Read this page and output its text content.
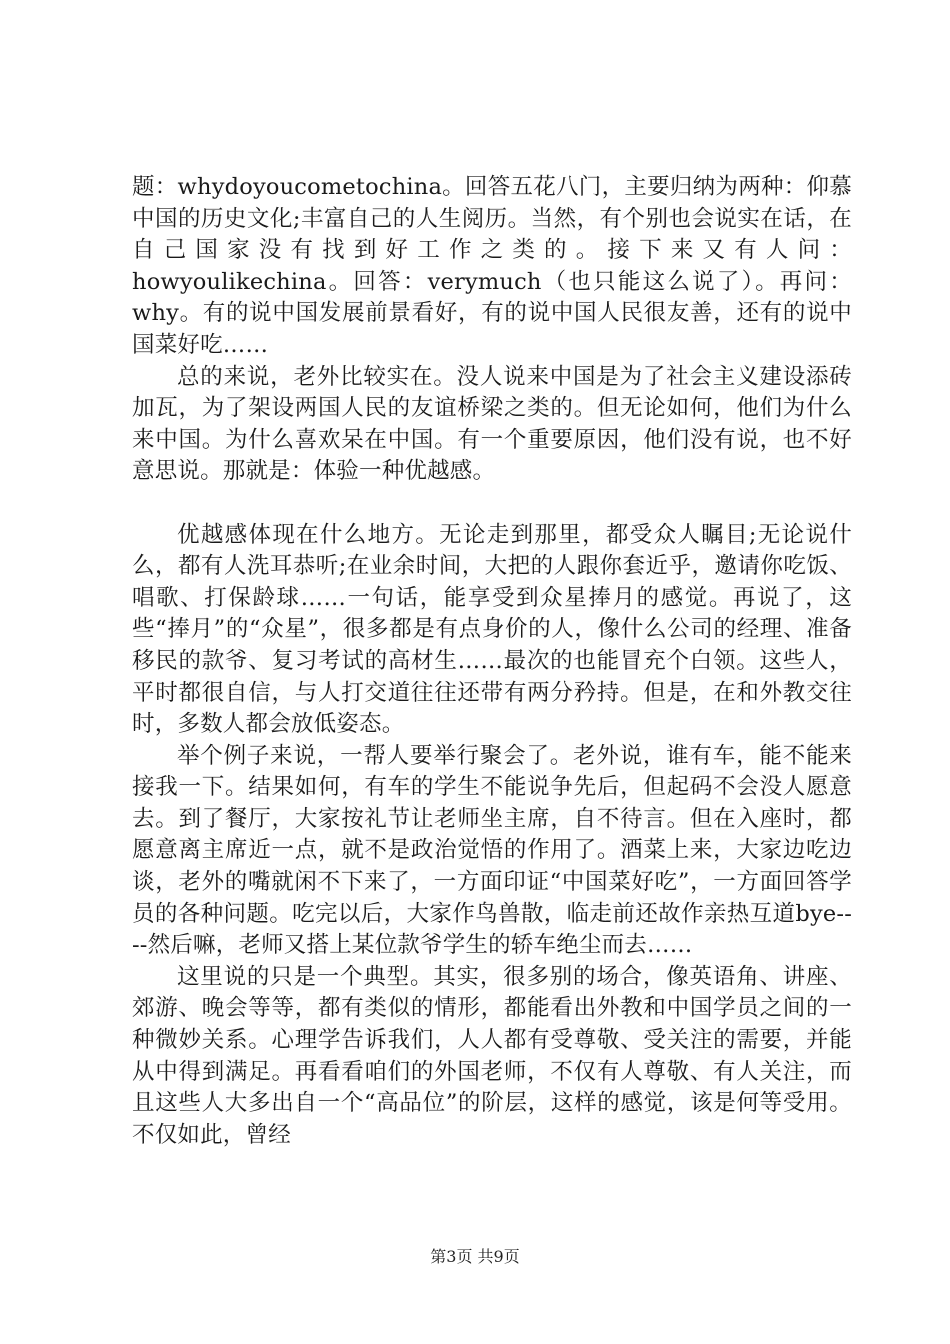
题：whydoyoucometochina。回答五花八门，主要归纳为两种：仰慕中国的历史文化;丰富自己的人生阅历。当然，有个别也会说实在话，在自己国家没有找到好工作之类的。接下来又有人问：howyoulikechina。回答：verymuch（也只能这么说了）。再问：why。有的说中国发展前景看好，有的说中国人民很友善，还有的说中国菜好吃……

总的来说，老外比较实在。没人说来中国是为了社会主义建设添砖加瓦，为了架设两国人民的友谊桥梁之类的。但无论如何，他们为什么来中国。为什么喜欢呆在中国。有一个重要原因，他们没有说，也不好意思说。那就是：体验一种优越感。

优越感体现在什么地方。无论走到那里，都受众人瞩目;无论说什么，都有人洗耳恭听;在业余时间，大把的人跟你套近乎，邀请你吃饭、唱歌、打保龄球……一句话，能享受到众星捧月的感觉。再说了，这些“捧月”的“众星”，很多都是有点身价的人，像什么公司的经理、准备移民的款爷、复习考试的高材生……最次的也能冒充个白领。这些人，平时都很自信，与人打交道往往还带有两分矜持。但是，在和外教交往时，多数人都会放低姿态。

举个例子来说，一帮人要举行聚会了。老外说，谁有车，能不能来接我一下。结果如何，有车的学生不能说争先后，但起码不会没人愿意去。到了餐厅，大家按礼节让老师坐主席，自不待言。但在入座时，都愿意离主席近一点，就不是政治觉悟的作用了。酒菜上来，大家边吃边谈，老外的嘴就闲不下来了，一方面印证“中国菜好吃”，一方面回答学员的各种问题。吃完以后，大家作鸟兽散，临走前还故作亲热互道bye----然后嘛，老师又搭上某位款爷学生的轿车绝尘而去……

这里说的只是一个典型。其实，很多别的场合，像英语角、讲座、郊游、晚会等等，都有类似的情形，都能看出外教和中国学员之间的一种微妙关系。心理学告诉我们，人人都有受尊敬、受关注的需要，并能从中得到满足。再看看咱们的外国老师，不仅有人尊敬、有人关注，而且这些人大多出自一个“高品位”的阶层，这样的感觉，该是何等受用。不仅如此，曾经

第3页 共9页
